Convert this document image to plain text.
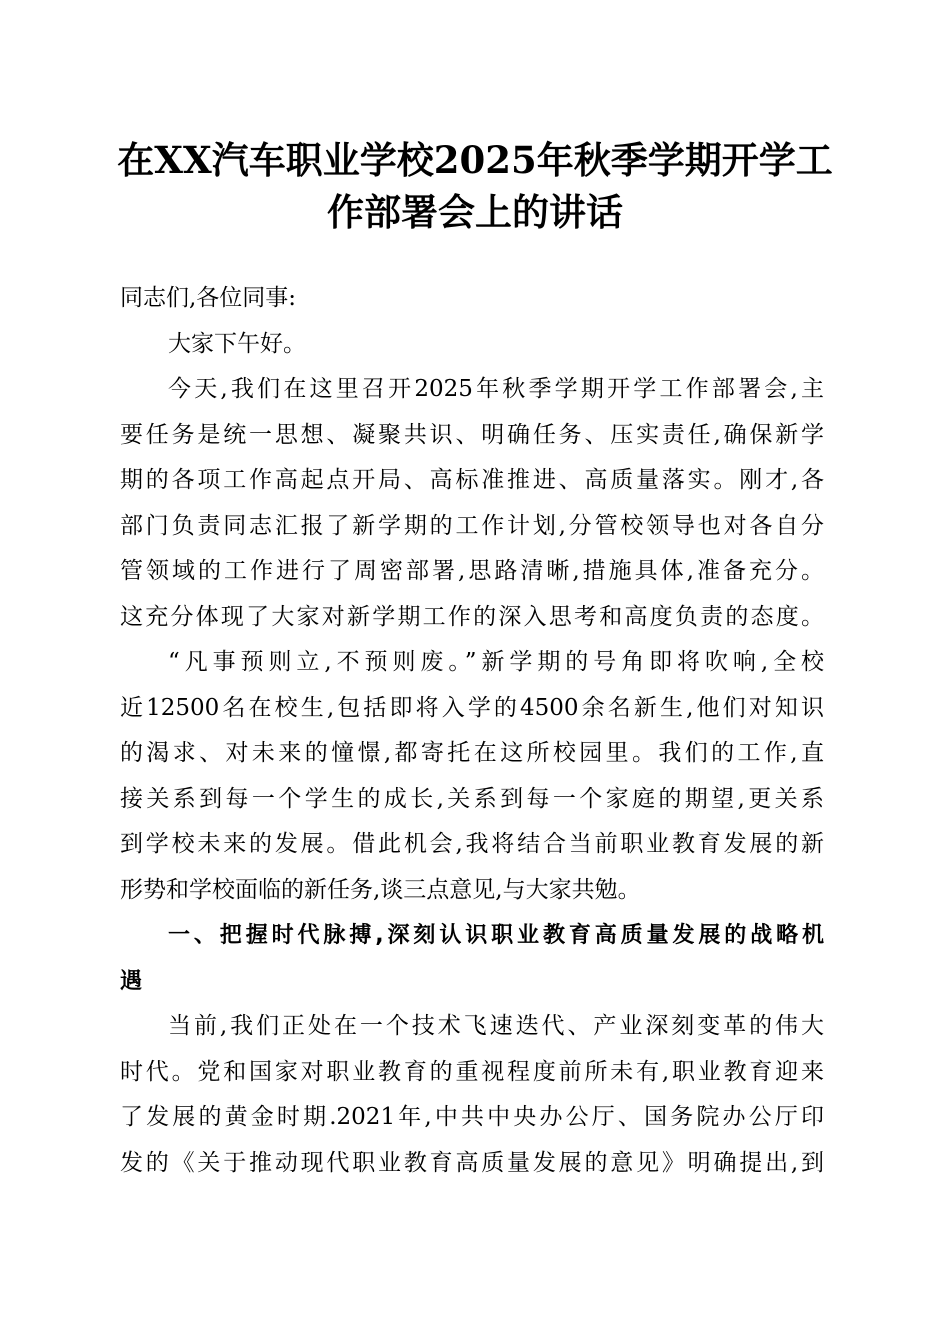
在XX汽车职业学校2025年秋季学期开学工
作部署会上的讲话
同志们,各位同事:
大家下午好。
今天,我们在这里召开2025年秋季学期开学工作部署会,主
要任务是统一思想、凝聚共识、明确任务、压实责任,确保新学
期的各项工作高起点开局、高标准推进、高质量落实。刚才,各
部门负责同志汇报了新学期的工作计划,分管校领导也对各自分
管领域的工作进行了周密部署,思路清晰,措施具体,准备充分。
这充分体现了大家对新学期工作的深入思考和高度负责的态度。
“凡事预则立,不预则废。”新学期的号角即将吹响,全校
近12500名在校生,包括即将入学的4500余名新生,他们对知识
的渴求、对未来的憧憬,都寄托在这所校园里。我们的工作,直
接关系到每一个学生的成长,关系到每一个家庭的期望,更关系
到学校未来的发展。借此机会,我将结合当前职业教育发展的新
形势和学校面临的新任务,谈三点意见,与大家共勉。
一、把握时代脉搏,深刻认识职业教育高质量发展的战略机
遇
当前,我们正处在一个技术飞速迭代、产业深刻变革的伟大
时代。党和国家对职业教育的重视程度前所未有,职业教育迎来
了发展的黄金时期.2021年,中共中央办公厅、国务院办公厅印
发的《关于推动现代职业教育高质量发展的意见》明确提出,到
